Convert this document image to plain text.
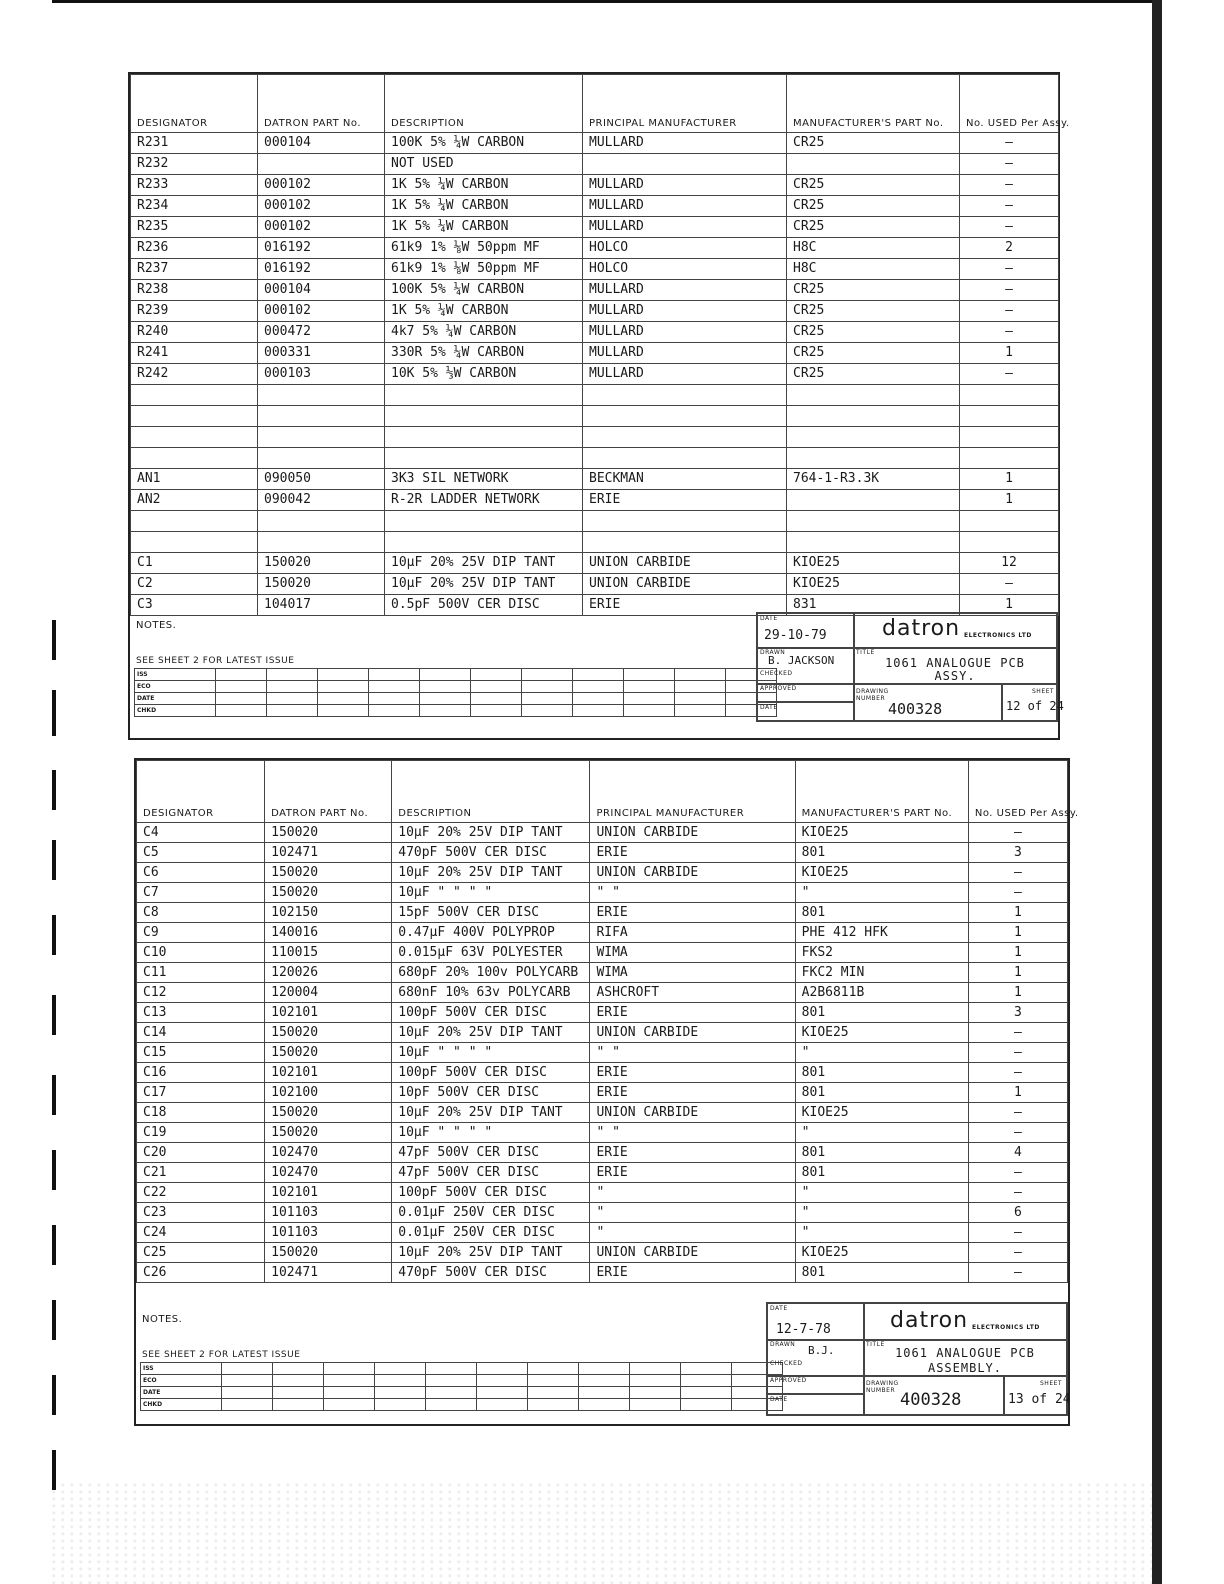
DESIGNATOR	DATRON PART No.	DESCRIPTION	PRINCIPAL MANUFACTURER	MANUFACTURER'S PART No.	No. USED Per Assy.
R231	000104	100K 5% ¼W CARBON	MULLARD	CR25	—
R232		NOT USED			—
R233	000102	1K 5% ¼W CARBON	MULLARD	CR25	—
R234	000102	1K 5% ¼W CARBON	MULLARD	CR25	—
R235	000102	1K 5% ¼W CARBON	MULLARD	CR25	—
R236	016192	61k9 1% ⅛W 50ppm MF	HOLCO	H8C	2
R237	016192	61k9 1% ⅛W 50ppm MF	HOLCO	H8C	—
R238	000104	100K 5% ¼W CARBON	MULLARD	CR25	—
R239	000102	1K 5% ¼W CARBON	MULLARD	CR25	—
R240	000472	4k7 5% ¼W CARBON	MULLARD	CR25	—
R241	000331	330R 5% ¼W CARBON	MULLARD	CR25	1
R242	000103	10K 5% ⅓W CARBON	MULLARD	CR25	—

AN1	090050	3K3 SIL NETWORK	BECKMAN	764-1-R3.3K	1
AN2	090042	R-2R LADDER NETWORK	ERIE		1

C1	150020	10µF 20% 25V DIP TANT	UNION CARBIDE	KIOE25	12
C2	150020	10µF 20% 25V DIP TANT	UNION CARBIDE	KIOE25	—
C3	104017	0.5pF 500V CER DISC	ERIE	831	1
NOTES.
SEE SHEET 2 FOR LATEST ISSUE
ISS											
ECO											
DATE											
CHKD											
DATE
29-10-79	datron ELECTRONICS LTD
DRAWN
B. JACKSON
CHECKED
TITLE
1061 ANALOGUE PCB
ASSY.
APPROVED
DATE
DRAWING NUMBER
400328
SHEET
12 of 24
DESIGNATOR	DATRON PART No.	DESCRIPTION	PRINCIPAL MANUFACTURER	MANUFACTURER'S PART No.	No. USED Per Assy.
C4	150020	10µF 20% 25V DIP TANT	UNION CARBIDE	KIOE25	—
C5	102471	470pF 500V CER DISC	ERIE	801	3
C6	150020	10µF 20% 25V DIP TANT	UNION CARBIDE	KIOE25	—
C7	150020	10µF " " " "	" "	"	—
C8	102150	15pF 500V CER DISC	ERIE	801	1
C9	140016	0.47µF 400V POLYPROP	RIFA	PHE 412 HFK	1
C10	110015	0.015µF 63V POLYESTER	WIMA	FKS2	1
C11	120026	680pF 20% 100v POLYCARB	WIMA	FKC2 MIN	1
C12	120004	680nF 10% 63v POLYCARB	ASHCROFT	A2B6811B	1
C13	102101	100pF 500V CER DISC	ERIE	801	3
C14	150020	10µF 20% 25V DIP TANT	UNION CARBIDE	KIOE25	—
C15	150020	10µF " " " "	" "	"	—
C16	102101	100pF 500V CER DISC	ERIE	801	—
C17	102100	10pF 500V CER DISC	ERIE	801	1
C18	150020	10µF 20% 25V DIP TANT	UNION CARBIDE	KIOE25	—
C19	150020	10µF " " " "	" "	"	—
C20	102470	47pF 500V CER DISC	ERIE	801	4
C21	102470	47pF 500V CER DISC	ERIE	801	—
C22	102101	100pF 500V CER DISC	"	"	—
C23	101103	0.01µF 250V CER DISC	"	"	6
C24	101103	0.01µF 250V CER DISC	"	"	—
C25	150020	10µF 20% 25V DIP TANT	UNION CARBIDE	KIOE25	—
C26	102471	470pF 500V CER DISC	ERIE	801	—
NOTES.
SEE SHEET 2 FOR LATEST ISSUE
ISS											
ECO											
DATE											
CHKD											
DATE
12-7-78	datron ELECTRONICS LTD
DRAWN B.J.
CHECKED
TITLE
1061 ANALOGUE PCB
ASSEMBLY.
APPROVED
DATE
DRAWING NUMBER 400328
SHEET
13 of 24
